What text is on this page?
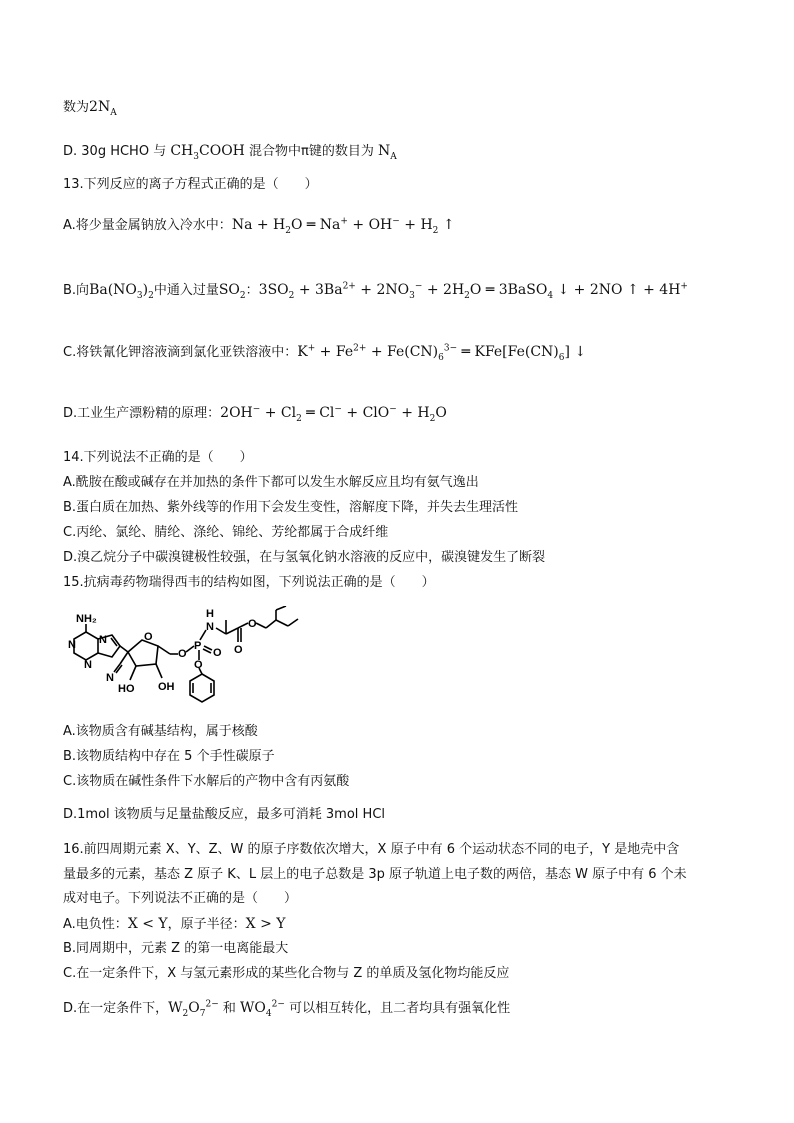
数为$2N_A$
D. 30g HCHO 与 $CH_3COOH$ 混合物中π键的数目为 $N_A$
13.下列反应的离子方程式正确的是（　　）
A.将少量金属钠放入冷水中：$Na + H_2O$ ═ $Na^+ + OH^- + H_2$ ↑
B.向$Ba(NO_3)_2$中通入过量$SO_2$：$3SO_2 + 3Ba^{2+} + 2NO_3^- + 2H_2O$ ═ 3BaSO$_4$ ↓ + 2NO ↑ + 4H+
C.将铁氰化钾溶液滴到氯化亚铁溶液中：$K^+ + Fe^{2+} + Fe(CN)_6^{3-}$ ═ $KFe[Fe(CN)_6]$ ↓
D.工业生产漂粉精的原理：$2OH^- + Cl_2$ ═ $Cl^- + ClO^- + H_2O$
14.下列说法不正确的是（　　）
A.酰胺在酸或碱存在并加热的条件下都可以发生水解反应且均有氨气逸出
B.蛋白质在加热、紫外线等的作用下会发生变性，溶解度下降，并失去生理活性
C.丙纶、氯纶、腈纶、涤纶、锦纶、芳纶都属于合成纤维
D.溴乙烷分子中碳溴键极性较强，在与氢氧化钠水溶液的反应中，碳溴键发生了断裂
15.抗病毒药物瑞得西韦的结构如图，下列说法正确的是（　　）
NH₂
N
N
N
O
O
P
O
O
N
HO OH
H
N	O
O
A.该物质含有碱基结构，属于核酸
B.该物质结构中存在 5 个手性碳原子
C.该物质在碱性条件下水解后的产物中含有丙氨酸
D.1mol 该物质与足量盐酸反应，最多可消耗 3mol HCl
16.前四周期元素 X、Y、Z、W 的原子序数依次增大，X 原子中有 6 个运动状态不同的电子，Y 是地壳中含
量最多的元素，基态 Z 原子 K、L 层上的电子总数是 3p 原子轨道上电子数的两倍，基态 W 原子中有 6 个未
成对电子。下列说法不正确的是（　　）
A.电负性：X < Y，原子半径：X > Y
B.同周期中，元素 Z 的第一电离能最大
C.在一定条件下，X 与氢元素形成的某些化合物与 Z 的单质及氢化物均能反应
D.在一定条件下，$W_2O_7^{2-}$ 和 $WO_4^{2-}$ 可以相互转化，且二者均具有强氧化性
